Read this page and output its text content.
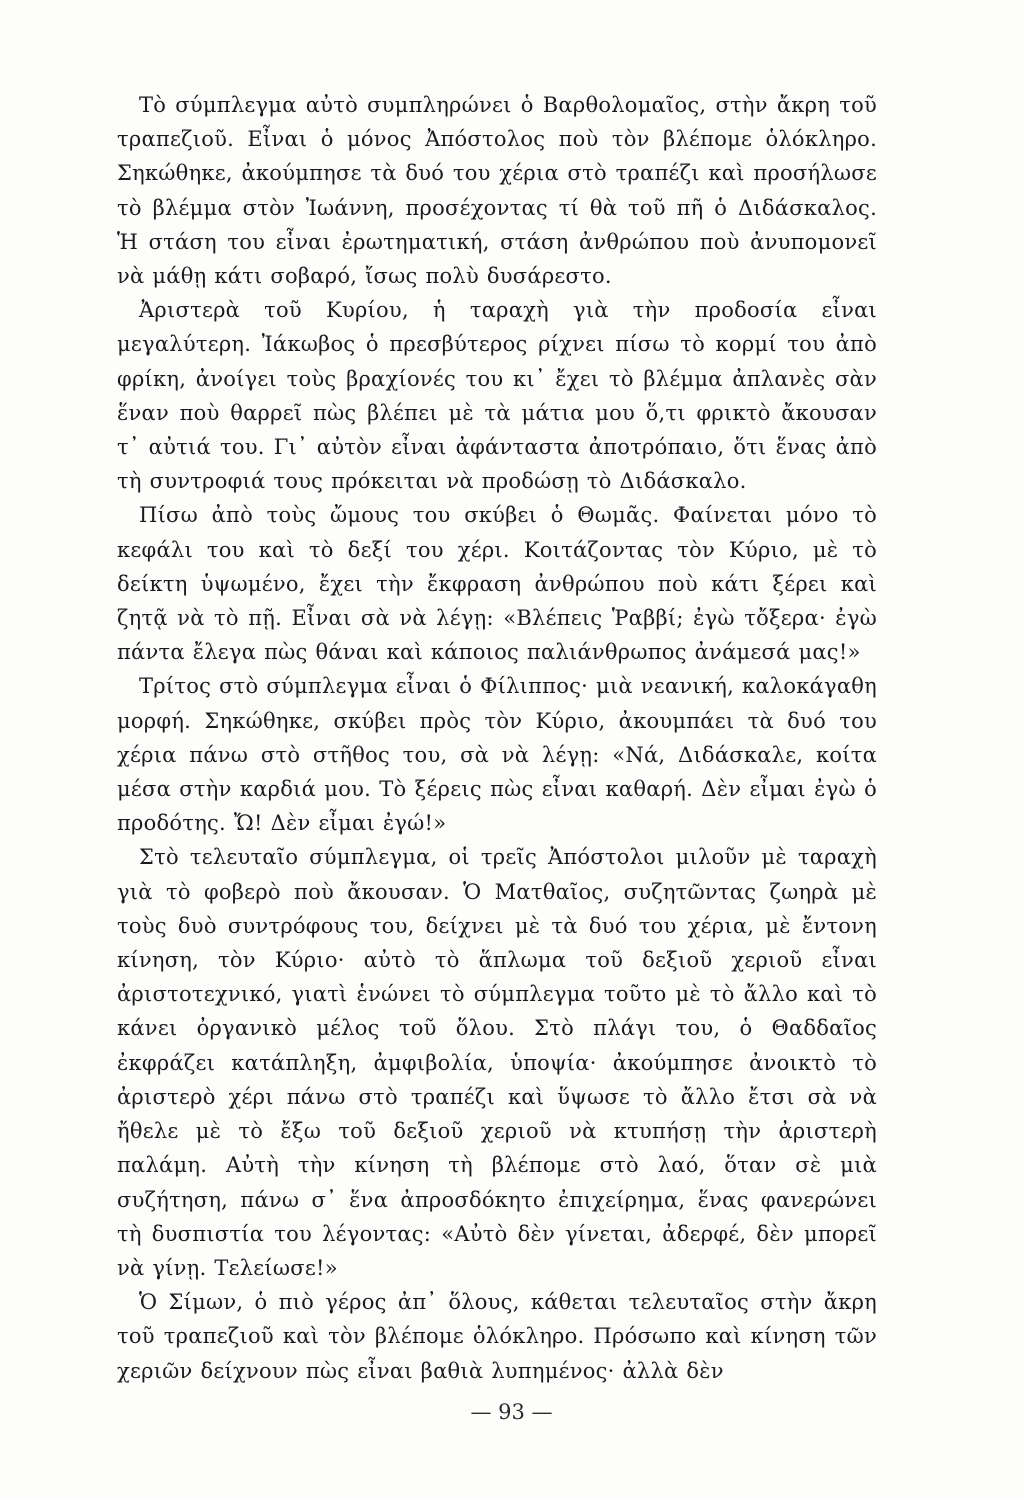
Τὸ σύμπλεγμα αὐτὸ συμπληρώνει ὁ Βαρθολομαῖος, στὴν ἄκρη τοῦ τραπεζιοῦ. Εἶναι ὁ μόνος Ἀπόστολος ποὺ τὸν βλέπομε ὁλόκληρο. Σηκώθηκε, ἀκούμπησε τὰ δυό του χέρια στὸ τραπέζι καὶ προσήλωσε τὸ βλέμμα στὸν Ἰωάννη, προσέχοντας τί θὰ τοῦ πῆ ὁ Διδάσκαλος. Ἡ στάση του εἶναι ἐρωτηματική, στάση ἀνθρώπου ποὺ ἀνυπομονεῖ νὰ μάθῃ κάτι σοβαρό, ἴσως πολὺ δυσάρεστο.

Ἀριστερὰ τοῦ Κυρίου, ἡ ταραχὴ γιὰ τὴν προδοσία εἶναι μεγαλύτερη. Ἰάκωβος ὁ πρεσβύτερος ρίχνει πίσω τὸ κορμί του ἀπὸ φρίκη, ἀνοίγει τοὺς βραχίονές του κι᾽ ἔχει τὸ βλέμμα ἀπλανὲς σὰν ἕναν ποὺ θαρρεῖ πὼς βλέπει μὲ τὰ μάτια μου ὅ,τι φρικτὸ ἄκουσαν τ᾽ αὐτιά του. Γι᾽ αὐτὸν εἶναι ἀφάνταστα ἀποτρόπαιο, ὅτι ἕνας ἀπὸ τὴ συντροφιά τους πρόκειται νὰ προδώσῃ τὸ Διδάσκαλο.

Πίσω ἀπὸ τοὺς ὤμους του σκύβει ὁ Θωμᾶς. Φαίνεται μόνο τὸ κεφάλι του καὶ τὸ δεξί του χέρι. Κοιτάζοντας τὸν Κύριο, μὲ τὸ δείκτη ὑψωμένο, ἔχει τὴν ἔκφραση ἀνθρώπου ποὺ κάτι ξέρει καὶ ζητᾷ νὰ τὸ πῇ. Εἶναι σὰ νὰ λέγῃ: «Βλέπεις Ῥαββί; ἐγὼ τὄξερα· ἐγὼ πάντα ἔλεγα πὼς θάναι καὶ κάποιος παλιάνθρωπος ἀνάμεσά μας!»

Τρίτος στὸ σύμπλεγμα εἶναι ὁ Φίλιππος· μιὰ νεανική, καλοκάγαθη μορφή. Σηκώθηκε, σκύβει πρὸς τὸν Κύριο, ἀκουμπάει τὰ δυό του χέρια πάνω στὸ στῆθος του, σὰ νὰ λέγῃ: «Νά, Διδάσκαλε, κοίτα μέσα στὴν καρδιά μου. Τὸ ξέρεις πὼς εἶναι καθαρή. Δὲν εἶμαι ἐγὼ ὁ προδότης. Ὤ! Δὲν εἶμαι ἐγώ!»

Στὸ τελευταῖο σύμπλεγμα, οἱ τρεῖς Ἀπόστολοι μιλοῦν μὲ ταραχὴ γιὰ τὸ φοβερὸ ποὺ ἄκουσαν. Ὁ Ματθαῖος, συζητῶντας ζωηρὰ μὲ τοὺς δυὸ συντρόφους του, δείχνει μὲ τὰ δυό του χέρια, μὲ ἔντονη κίνηση, τὸν Κύριο· αὐτὸ τὸ ἅπλωμα τοῦ δεξιοῦ χεριοῦ εἶναι ἀριστοτεχνικό, γιατὶ ἑνώνει τὸ σύμπλεγμα τοῦτο μὲ τὸ ἄλλο καὶ τὸ κάνει ὀργανικὸ μέλος τοῦ ὅλου. Στὸ πλάγι του, ὁ Θαδδαῖος ἐκφράζει κατάπληξη, ἀμφιβολία, ὑποψία· ἀκούμπησε ἀνοικτὸ τὸ ἀριστερὸ χέρι πάνω στὸ τραπέζι καὶ ὕψωσε τὸ ἄλλο ἔτσι σὰ νὰ ἤθελε μὲ τὸ ἔξω τοῦ δεξιοῦ χεριοῦ νὰ κτυπήσῃ τὴν ἀριστερὴ παλάμη. Αὐτὴ τὴν κίνηση τὴ βλέπομε στὸ λαό, ὅταν σὲ μιὰ συζήτηση, πάνω σ᾽ ἕνα ἀπροσδόκητο ἐπιχείρημα, ἕνας φανερώνει τὴ δυσπιστία του λέγοντας: «Αὐτὸ δὲν γίνεται, ἀδερφέ, δὲν μπορεῖ νὰ γίνῃ. Τελείωσε!»

Ὁ Σίμων, ὁ πιὸ γέρος ἀπ᾽ ὅλους, κάθεται τελευταῖος στὴν ἄκρη τοῦ τραπεζιοῦ καὶ τὸν βλέπομε ὁλόκληρο. Πρόσωπο καὶ κίνηση τῶν χεριῶν δείχνουν πὼς εἶναι βαθιὰ λυπημένος· ἀλλὰ δὲν

— 93 —
